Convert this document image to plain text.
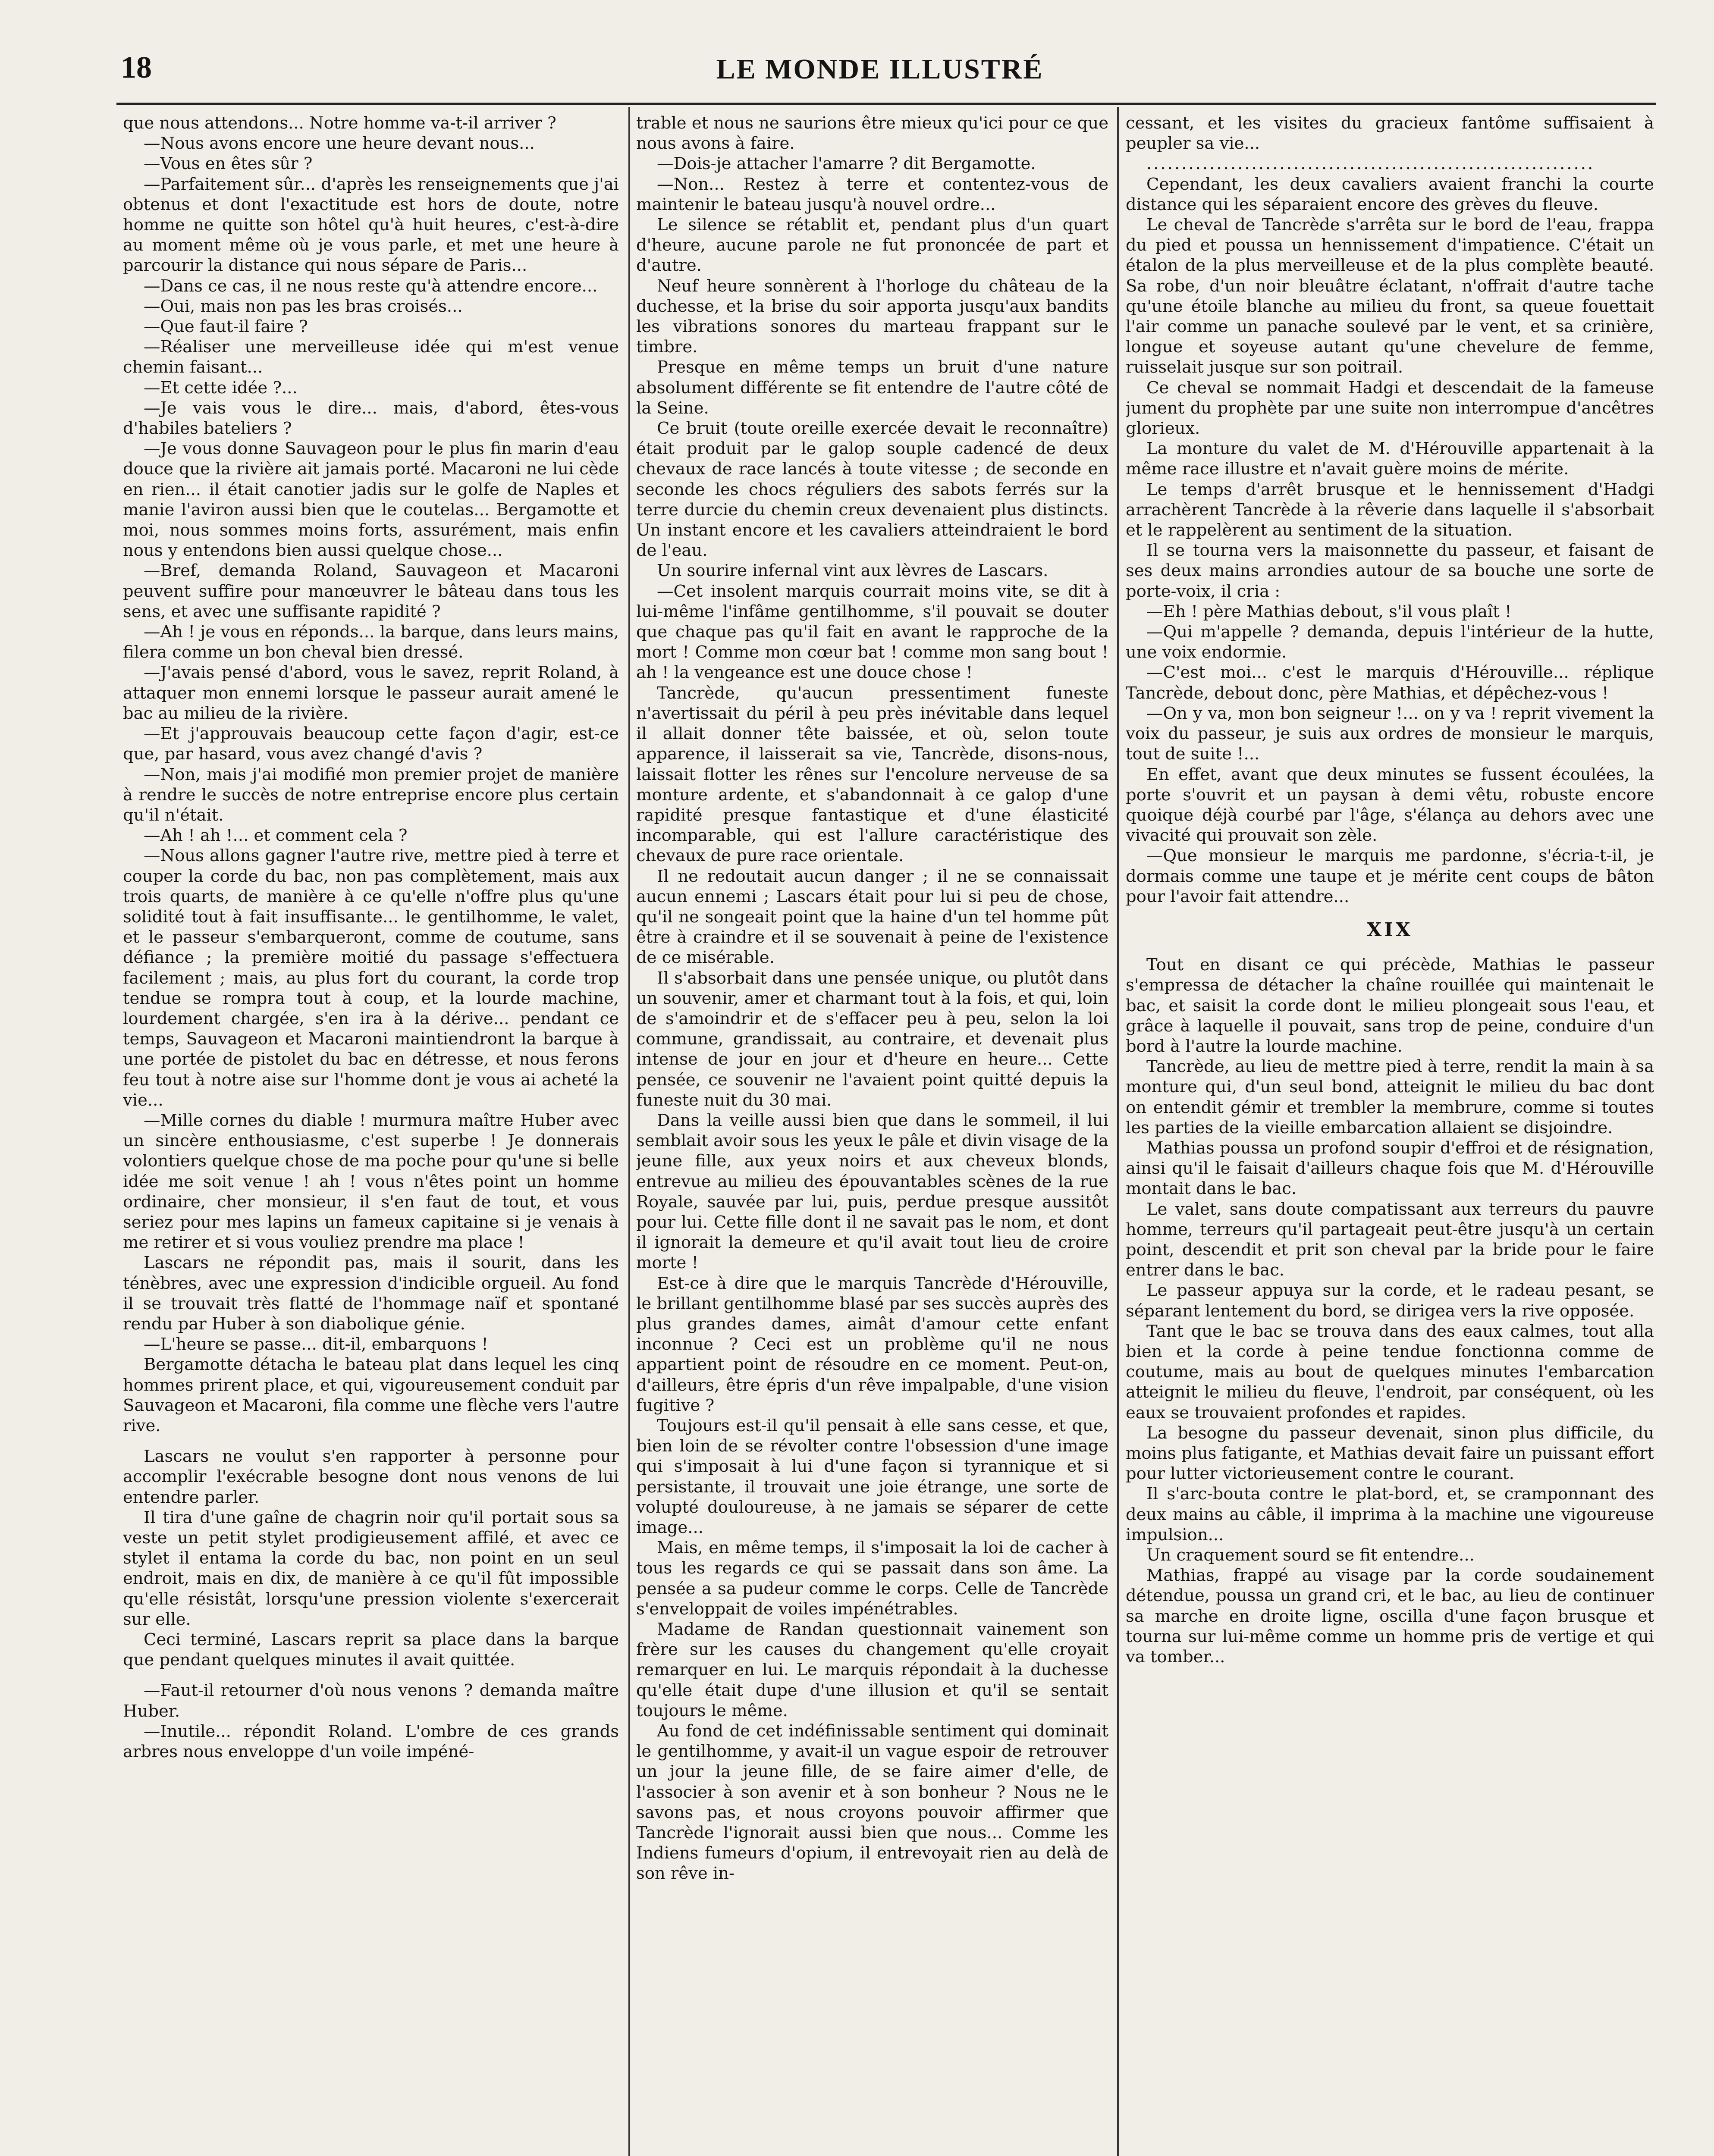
18	LE MONDE ILLUSTRÉ

que nous attendons... Notre homme va-t-il arriver ?

—Nous avons encore une heure devant nous...

—Vous en êtes sûr ?

—Parfaitement sûr... d'après les renseignements que j'ai obtenus et dont l'exactitude est hors de doute, notre homme ne quitte son hôtel qu'à huit heures, c'est-à-dire au moment même où je vous parle, et met une heure à parcourir la distance qui nous sépare de Paris...

—Dans ce cas, il ne nous reste qu'à attendre encore...

—Oui, mais non pas les bras croisés...

—Que faut-il faire ?

—Réaliser une merveilleuse idée qui m'est venue chemin faisant...

—Et cette idée ?...

—Je vais vous le dire... mais, d'abord, êtes-vous d'habiles bateliers ?

—Je vous donne Sauvageon pour le plus fin marin d'eau douce que la rivière ait jamais porté. Macaroni ne lui cède en rien... il était canotier jadis sur le golfe de Naples et manie l'aviron aussi bien que le coutelas... Bergamotte et moi, nous sommes moins forts, assurément, mais enfin nous y entendons bien aussi quelque chose...

—Bref, demanda Roland, Sauvageon et Macaroni peuvent suffire pour manœuvrer le bâteau dans tous les sens, et avec une suffisante rapidité ?

—Ah ! je vous en réponds... la barque, dans leurs mains, filera comme un bon cheval bien dressé.

—J'avais pensé d'abord, vous le savez, reprit Roland, à attaquer mon ennemi lorsque le passeur aurait amené le bac au milieu de la rivière.

—Et j'approuvais beaucoup cette façon d'agir, est-ce que, par hasard, vous avez changé d'avis ?

—Non, mais j'ai modifié mon premier projet de manière à rendre le succès de notre entreprise encore plus certain qu'il n'était.

—Ah ! ah !... et comment cela ?

—Nous allons gagner l'autre rive, mettre pied à terre et couper la corde du bac, non pas complètement, mais aux trois quarts, de manière à ce qu'elle n'offre plus qu'une solidité tout à fait insuffisante... le gentilhomme, le valet, et le passeur s'embarqueront, comme de coutume, sans défiance ; la première moitié du passage s'effectuera facilement ; mais, au plus fort du courant, la corde trop tendue se rompra tout à coup, et la lourde machine, lourdement chargée, s'en ira à la dérive... pendant ce temps, Sauvageon et Macaroni maintiendront la barque à une portée de pistolet du bac en détresse, et nous ferons feu tout à notre aise sur l'homme dont je vous ai acheté la vie...

—Mille cornes du diable ! murmura maître Huber avec un sincère enthousiasme, c'est superbe ! Je donnerais volontiers quelque chose de ma poche pour qu'une si belle idée me soit venue ! ah ! vous n'êtes point un homme ordinaire, cher monsieur, il s'en faut de tout, et vous seriez pour mes lapins un fameux capitaine si je venais à me retirer et si vous vouliez prendre ma place !

Lascars ne répondit pas, mais il sourit, dans les ténèbres, avec une expression d'indicible orgueil. Au fond il se trouvait très flatté de l'hommage naïf et spontané rendu par Huber à son diabolique génie.

—L'heure se passe... dit-il, embarquons !

Bergamotte détacha le bateau plat dans lequel les cinq hommes prirent place, et qui, vigoureusement conduit par Sauvageon et Macaroni, fila comme une flèche vers l'autre rive.

Lascars ne voulut s'en rapporter à personne pour accomplir l'exécrable besogne dont nous venons de lui entendre parler.

Il tira d'une gaîne de chagrin noir qu'il portait sous sa veste un petit stylet prodigieusement affilé, et avec ce stylet il entama la corde du bac, non point en un seul endroit, mais en dix, de manière à ce qu'il fût impossible qu'elle résistât, lorsqu'une pression violente s'exercerait sur elle.

Ceci terminé, Lascars reprit sa place dans la barque que pendant quelques minutes il avait quittée.

—Faut-il retourner d'où nous venons ? demanda maître Huber.

—Inutile... répondit Roland. L'ombre de ces grands arbres nous enveloppe d'un voile impéné-

trable et nous ne saurions être mieux qu'ici pour ce que nous avons à faire.

—Dois-je attacher l'amarre ? dit Bergamotte.

—Non... Restez à terre et contentez-vous de maintenir le bateau jusqu'à nouvel ordre...

Le silence se rétablit et, pendant plus d'un quart d'heure, aucune parole ne fut prononcée de part et d'autre.

Neuf heure sonnèrent à l'horloge du château de la duchesse, et la brise du soir apporta jusqu'aux bandits les vibrations sonores du marteau frappant sur le timbre.

Presque en même temps un bruit d'une nature absolument différente se fit entendre de l'autre côté de la Seine.

Ce bruit (toute oreille exercée devait le reconnaître) était produit par le galop souple cadencé de deux chevaux de race lancés à toute vitesse ; de seconde en seconde les chocs réguliers des sabots ferrés sur la terre durcie du chemin creux devenaient plus distincts. Un instant encore et les cavaliers atteindraient le bord de l'eau.

Un sourire infernal vint aux lèvres de Lascars.

—Cet insolent marquis courrait moins vite, se dit à lui-même l'infâme gentilhomme, s'il pouvait se douter que chaque pas qu'il fait en avant le rapproche de la mort ! Comme mon cœur bat ! comme mon sang bout ! ah ! la vengeance est une douce chose !

Tancrède, qu'aucun pressentiment funeste n'avertissait du péril à peu près inévitable dans lequel il allait donner tête baissée, et où, selon toute apparence, il laisserait sa vie, Tancrède, disons-nous, laissait flotter les rênes sur l'encolure nerveuse de sa monture ardente, et s'abandonnait à ce galop d'une rapidité presque fantastique et d'une élasticité incomparable, qui est l'allure caractéristique des chevaux de pure race orientale.

Il ne redoutait aucun danger ; il ne se connaissait aucun ennemi ; Lascars était pour lui si peu de chose, qu'il ne songeait point que la haine d'un tel homme pût être à craindre et il se souvenait à peine de l'existence de ce misérable.

Il s'absorbait dans une pensée unique, ou plutôt dans un souvenir, amer et charmant tout à la fois, et qui, loin de s'amoindrir et de s'effacer peu à peu, selon la loi commune, grandissait, au contraire, et devenait plus intense de jour en jour et d'heure en heure... Cette pensée, ce souvenir ne l'avaient point quitté depuis la funeste nuit du 30 mai.

Dans la veille aussi bien que dans le sommeil, il lui semblait avoir sous les yeux le pâle et divin visage de la jeune fille, aux yeux noirs et aux cheveux blonds, entrevue au milieu des épouvantables scènes de la rue Royale, sauvée par lui, puis, perdue presque aussitôt pour lui. Cette fille dont il ne savait pas le nom, et dont il ignorait la demeure et qu'il avait tout lieu de croire morte !

Est-ce à dire que le marquis Tancrède d'Hérouville, le brillant gentilhomme blasé par ses succès auprès des plus grandes dames, aimât d'amour cette enfant inconnue ? Ceci est un problème qu'il ne nous appartient point de résoudre en ce moment. Peut-on, d'ailleurs, être épris d'un rêve impalpable, d'une vision fugitive ?

Toujours est-il qu'il pensait à elle sans cesse, et que, bien loin de se révolter contre l'obsession d'une image qui s'imposait à lui d'une façon si tyrannique et si persistante, il trouvait une joie étrange, une sorte de volupté douloureuse, à ne jamais se séparer de cette image...

Mais, en même temps, il s'imposait la loi de cacher à tous les regards ce qui se passait dans son âme. La pensée a sa pudeur comme le corps. Celle de Tancrède s'enveloppait de voiles impénétrables.

Madame de Randan questionnait vainement son frère sur les causes du changement qu'elle croyait remarquer en lui. Le marquis répondait à la duchesse qu'elle était dupe d'une illusion et qu'il se sentait toujours le même.

Au fond de cet indéfinissable sentiment qui dominait le gentilhomme, y avait-il un vague espoir de retrouver un jour la jeune fille, de se faire aimer d'elle, de l'associer à son avenir et à son bonheur ? Nous ne le savons pas, et nous croyons pouvoir affirmer que Tancrède l'ignorait aussi bien que nous... Comme les Indiens fumeurs d'opium, il entrevoyait rien au delà de son rêve in-

cessant, et les visites du gracieux fantôme suffisaient à peupler sa vie...

................................................................

Cependant, les deux cavaliers avaient franchi la courte distance qui les séparaient encore des grèves du fleuve.

Le cheval de Tancrède s'arrêta sur le bord de l'eau, frappa du pied et poussa un hennissement d'impatience. C'était un étalon de la plus merveilleuse et de la plus complète beauté. Sa robe, d'un noir bleuâtre éclatant, n'offrait d'autre tache qu'une étoile blanche au milieu du front, sa queue fouettait l'air comme un panache soulevé par le vent, et sa crinière, longue et soyeuse autant qu'une chevelure de femme, ruisselait jusque sur son poitrail.

Ce cheval se nommait Hadgi et descendait de la fameuse jument du prophète par une suite non interrompue d'ancêtres glorieux.

La monture du valet de M. d'Hérouville appartenait à la même race illustre et n'avait guère moins de mérite.

Le temps d'arrêt brusque et le hennissement d'Hadgi arrachèrent Tancrède à la rêverie dans laquelle il s'absorbait et le rappelèrent au sentiment de la situation.

Il se tourna vers la maisonnette du passeur, et faisant de ses deux mains arrondies autour de sa bouche une sorte de porte-voix, il cria :

—Eh ! père Mathias debout, s'il vous plaît !

—Qui m'appelle ? demanda, depuis l'intérieur de la hutte, une voix endormie.

—C'est moi... c'est le marquis d'Hérouville... réplique Tancrède, debout donc, père Mathias, et dépêchez-vous !

—On y va, mon bon seigneur !... on y va ! reprit vivement la voix du passeur, je suis aux ordres de monsieur le marquis, tout de suite !...

En effet, avant que deux minutes se fussent écoulées, la porte s'ouvrit et un paysan à demi vêtu, robuste encore quoique déjà courbé par l'âge, s'élança au dehors avec une vivacité qui prouvait son zèle.

—Que monsieur le marquis me pardonne, s'écria-t-il, je dormais comme une taupe et je mérite cent coups de bâton pour l'avoir fait attendre...

XIX

Tout en disant ce qui précède, Mathias le passeur s'empressa de détacher la chaîne rouillée qui maintenait le bac, et saisit la corde dont le milieu plongeait sous l'eau, et grâce à laquelle il pouvait, sans trop de peine, conduire d'un bord à l'autre la lourde machine.

Tancrède, au lieu de mettre pied à terre, rendit la main à sa monture qui, d'un seul bond, atteignit le milieu du bac dont on entendit gémir et trembler la membrure, comme si toutes les parties de la vieille embarcation allaient se disjoindre.

Mathias poussa un profond soupir d'effroi et de résignation, ainsi qu'il le faisait d'ailleurs chaque fois que M. d'Hérouville montait dans le bac.

Le valet, sans doute compatissant aux terreurs du pauvre homme, terreurs qu'il partageait peut-être jusqu'à un certain point, descendit et prit son cheval par la bride pour le faire entrer dans le bac.

Le passeur appuya sur la corde, et le radeau pesant, se séparant lentement du bord, se dirigea vers la rive opposée.

Tant que le bac se trouva dans des eaux calmes, tout alla bien et la corde à peine tendue fonctionna comme de coutume, mais au bout de quelques minutes l'embarcation atteignit le milieu du fleuve, l'endroit, par conséquent, où les eaux se trouvaient profondes et rapides.

La besogne du passeur devenait, sinon plus difficile, du moins plus fatigante, et Mathias devait faire un puissant effort pour lutter victorieusement contre le courant.

Il s'arc-bouta contre le plat-bord, et, se cramponnant des deux mains au câble, il imprima à la machine une vigoureuse impulsion...

Un craquement sourd se fit entendre...

Mathias, frappé au visage par la corde soudainement détendue, poussa un grand cri, et le bac, au lieu de continuer sa marche en droite ligne, oscilla d'une façon brusque et tourna sur lui-même comme un homme pris de vertige et qui va tomber...
